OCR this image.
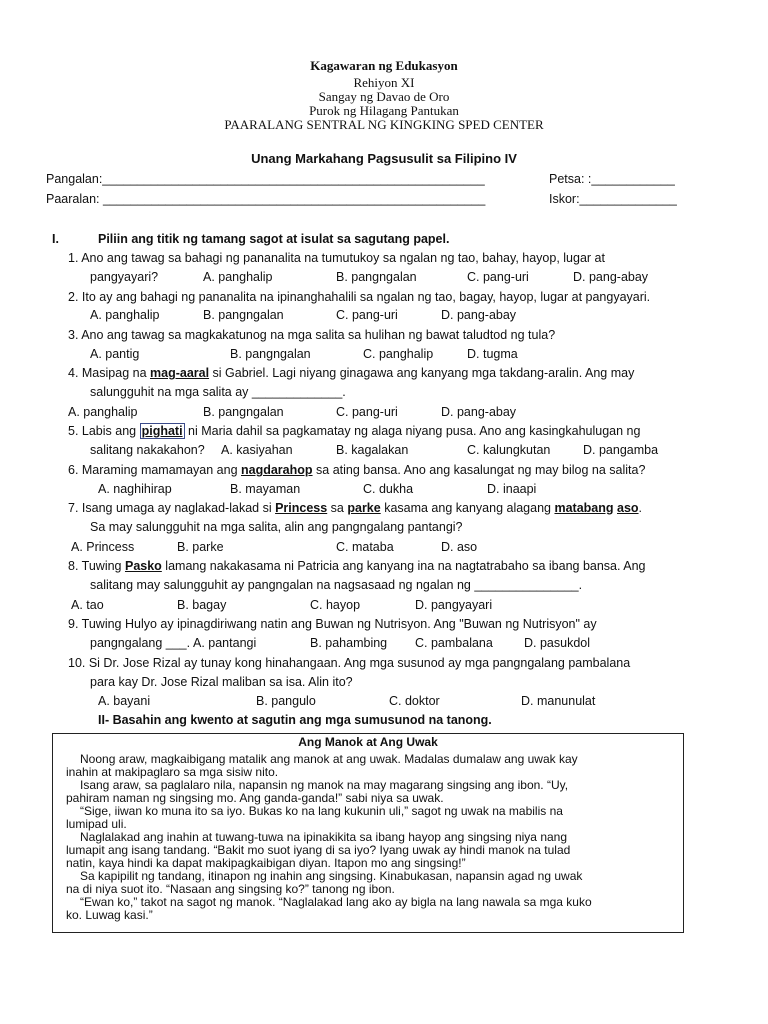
Kagawaran ng Edukasyon
Rehiyon XI
Sangay ng Davao de Oro
Purok ng Hilagang Pantukan
PAARALANG SENTRAL NG KINGKING SPED CENTER
Unang Markahang Pagsusulit sa Filipino IV
Pangalan:_______________________________________________________	Petsa: :____________
Paaralan: _______________________________________________________	Iskor:______________
I.	Piliin ang titik ng tamang sagot at isulat sa sagutang papel.
1. Ano ang tawag sa bahagi ng pananalita na tumutukoy sa ngalan ng tao, bahay, hayop, lugar at
pangyayari?	A. panghalip	B. pangngalan	C. pang-uri	D. pang-abay
2. Ito ay ang bahagi ng pananalita na ipinanghahalili sa ngalan ng tao, bagay, hayop, lugar at pangyayari.
A. panghalip	B. pangngalan	C. pang-uri	D. pang-abay
3. Ano ang tawag sa magkakatunog na mga salita sa hulihan ng bawat taludtod ng tula?
A. pantig	B. pangngalan	C. panghalip	D. tugma
4. Masipag na mag-aaral si Gabriel. Lagi niyang ginagawa ang kanyang mga takdang-aralin. Ang may
salungguhit na mga salita ay _____________.
A. panghalip	B. pangngalan	C. pang-uri	D. pang-abay
5. Labis ang pighati ni Maria dahil sa pagkamatay ng alaga niyang pusa. Ano ang kasingkahulugan ng
salitang nakakahon? A. kasiyahan	B. kagalakan	C. kalungkutan	D. pangamba
6. Maraming mamamayan ang nagdarahop sa ating bansa. Ano ang kasalungat ng may bilog na salita?
A. naghihirap	B. mayaman	C. dukha	D. inaapi
7. Isang umaga ay naglakad-lakad si Princess sa parke kasama ang kanyang alagang matabang aso.
Sa may salungguhit na mga salita, alin ang pangngalang pantangi?
A. Princess	B. parke	C. mataba	D. aso
8. Tuwing Pasko lamang nakakasama ni Patricia ang kanyang ina na nagtatrabaho sa ibang bansa. Ang
salitang may salungguhit ay pangngalan na nagsasaad ng ngalan ng _______________.
A. tao	B. bagay	C. hayop	D. pangyayari
9. Tuwing Hulyo ay ipinagdiriwang natin ang Buwan ng Nutrisyon. Ang "Buwan ng Nutrisyon" ay
pangngalang ___. A. pantangi	B. pahambing C. pambalana D. pasukdol
10. Si Dr. Jose Rizal ay tunay kong hinahangaan. Ang mga susunod ay mga pangngalang pambalana
para kay Dr. Jose Rizal maliban sa isa. Alin ito?
A. bayani	B. pangulo	C. doktor	D. manunulat
II- Basahin ang kwento at sagutin ang mga sumusunod na tanong.
Ang Manok at Ang Uwak
Noong araw, magkaibigang matalik ang manok at ang uwak. Madalas dumalaw ang uwak kay
inahin at makipaglaro sa mga sisiw nito.
Isang araw, sa paglalaro nila, napansin ng manok na may magarang singsing ang ibon. “Uy,
pahiram naman ng singsing mo. Ang ganda-ganda!” sabi niya sa uwak.
“Sige, iiwan ko muna ito sa iyo. Bukas ko na lang kukunin uli,” sagot ng uwak na mabilis na
lumipad uli.
Naglalakad ang inahin at tuwang-tuwa na ipinakikita sa ibang hayop ang singsing niya nang
lumapit ang isang tandang. “Bakit mo suot iyang di sa iyo? Iyang uwak ay hindi manok na tulad
natin, kaya hindi ka dapat makipagkaibigan diyan. Itapon mo ang singsing!”
Sa kapipilit ng tandang, itinapon ng inahin ang singsing. Kinabukasan, napansin agad ng uwak
na di niya suot ito. “Nasaan ang singsing ko?” tanong ng ibon.
“Ewan ko,” takot na sagot ng manok. “Naglalakad lang ako ay bigla na lang nawala sa mga kuko
ko. Luwag kasi.”
